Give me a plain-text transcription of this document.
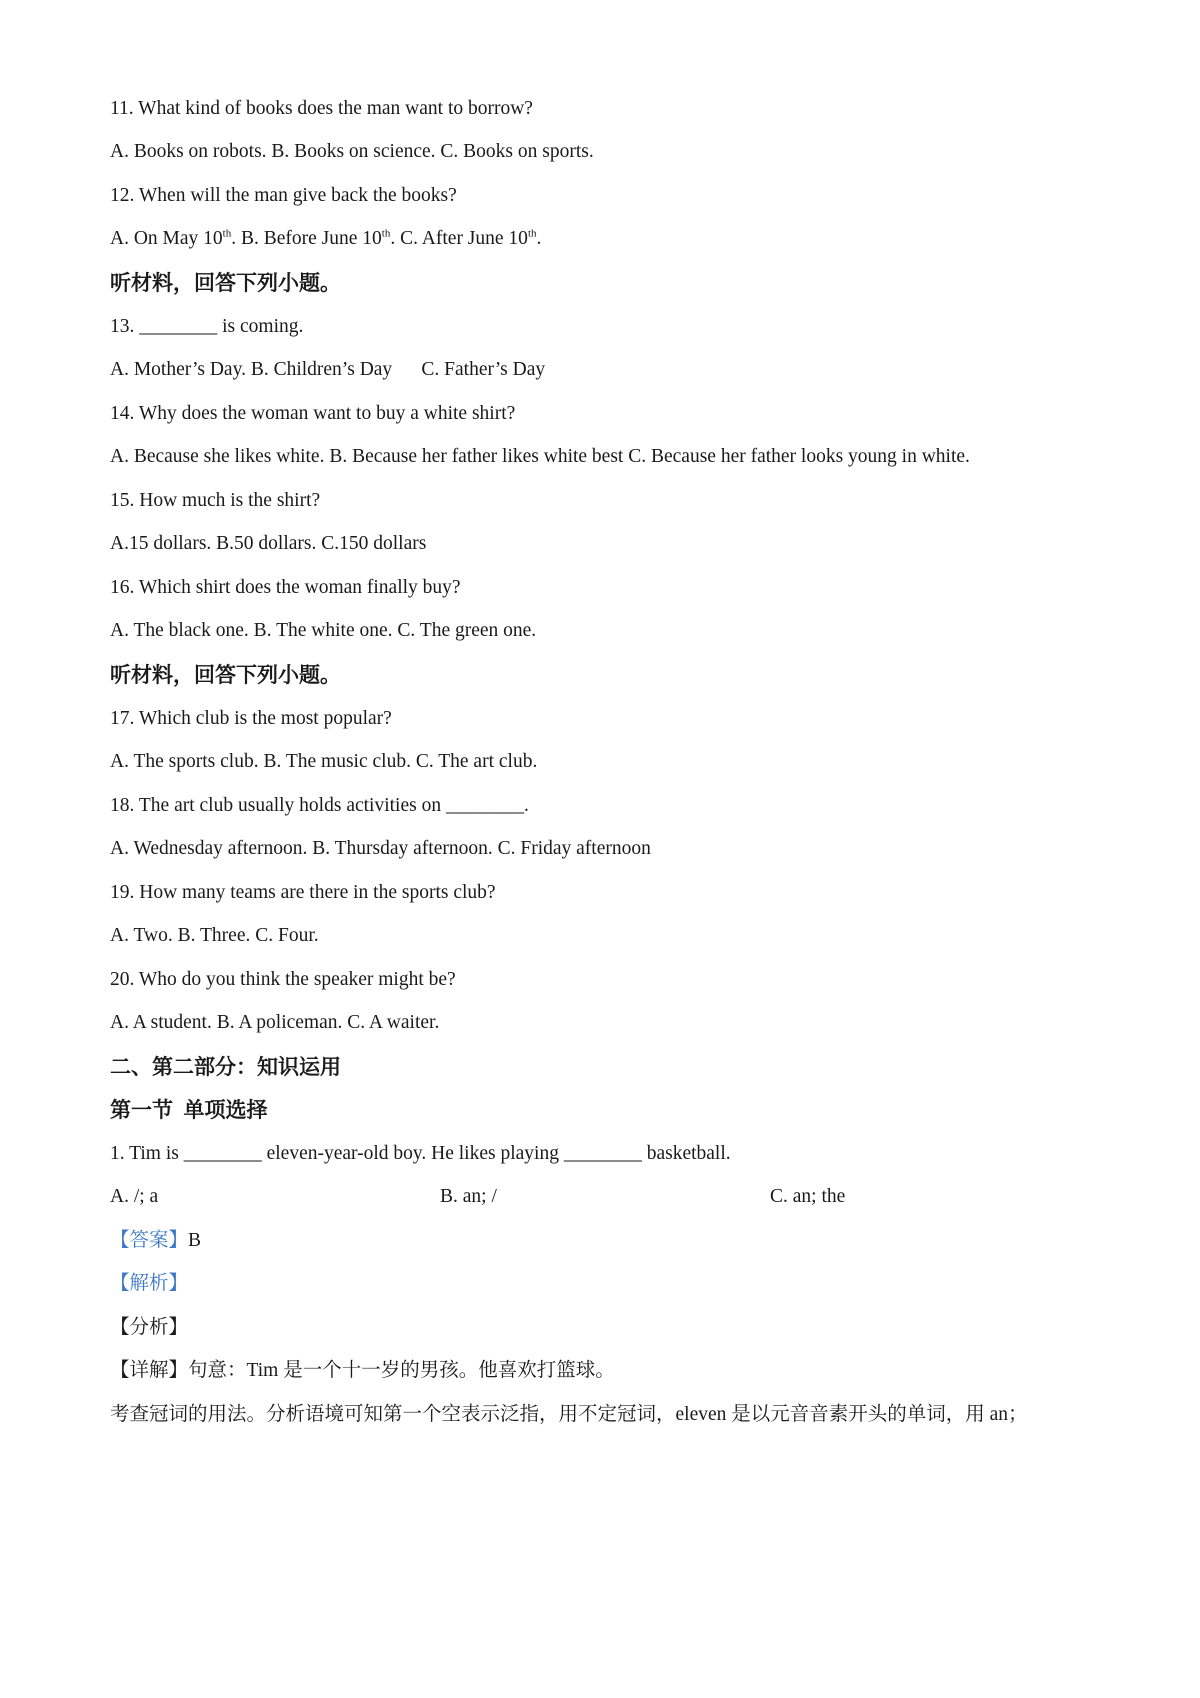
11. What kind of books does the man want to borrow?
A. Books on robots. B. Books on science. C. Books on sports.
12. When will the man give back the books?
A. On May 10th. B. Before June 10th. C. After June 10th.
听材料，回答下列小题。
13. ________ is coming.
A. Mother’s Day. B. Children’s Day      C. Father’s Day
14. Why does the woman want to buy a white shirt?
A. Because she likes white. B. Because her father likes white best C. Because her father looks young in white.
15. How much is the shirt?
A.15 dollars. B.50 dollars. C.150 dollars
16. Which shirt does the woman finally buy?
A. The black one. B. The white one. C. The green one.
听材料，回答下列小题。
17. Which club is the most popular?
A. The sports club. B. The music club. C. The art club.
18. The art club usually holds activities on ________.
A. Wednesday afternoon. B. Thursday afternoon. C. Friday afternoon
19. How many teams are there in the sports club?
A. Two. B. Three. C. Four.
20. Who do you think the speaker might be?
A. A student. B. A policeman. C. A waiter.
二、第二部分：知识运用
第一节  单项选择
1. Tim is ________ eleven-year-old boy. He likes playing ________ basketball.
A. /; a	B. an; /	C. an; the
【答案】B
【解析】
【分析】
【详解】句意：Tim 是一个十一岁的男孩。他喜欢打篮球。
考查冠词的用法。分析语境可知第一个空表示泛指，用不定冠词，eleven 是以元音音素开头的单词，用 an；
